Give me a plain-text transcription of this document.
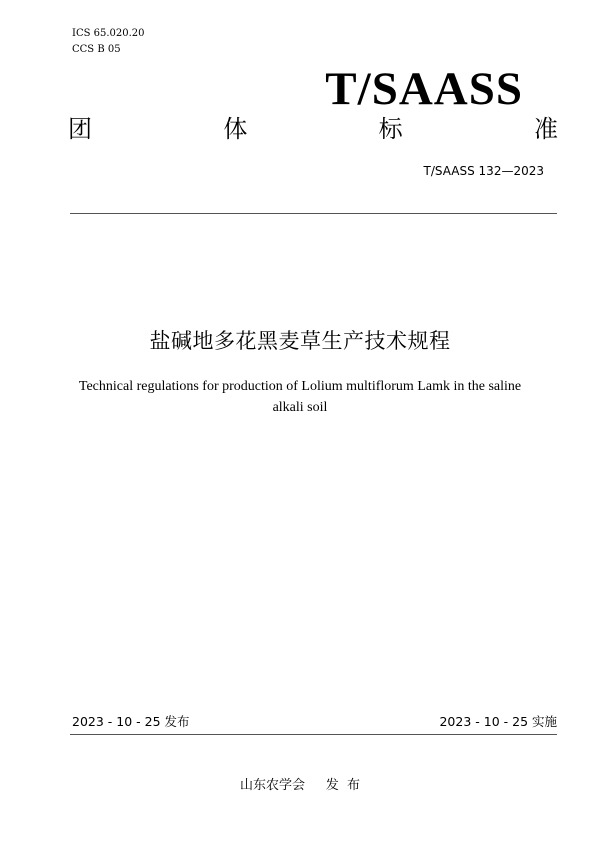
ICS 65.020.20
CCS B 05
T/SAASS
团	体	标	准
T/SAASS 132—2023
盐碱地多花黑麦草生产技术规程
Technical regulations for production of Lolium multiflorum Lamk in the saline alkali soil
2023 - 10 - 25 发布	2023 - 10 - 25 实施
山东农学会     发  布
